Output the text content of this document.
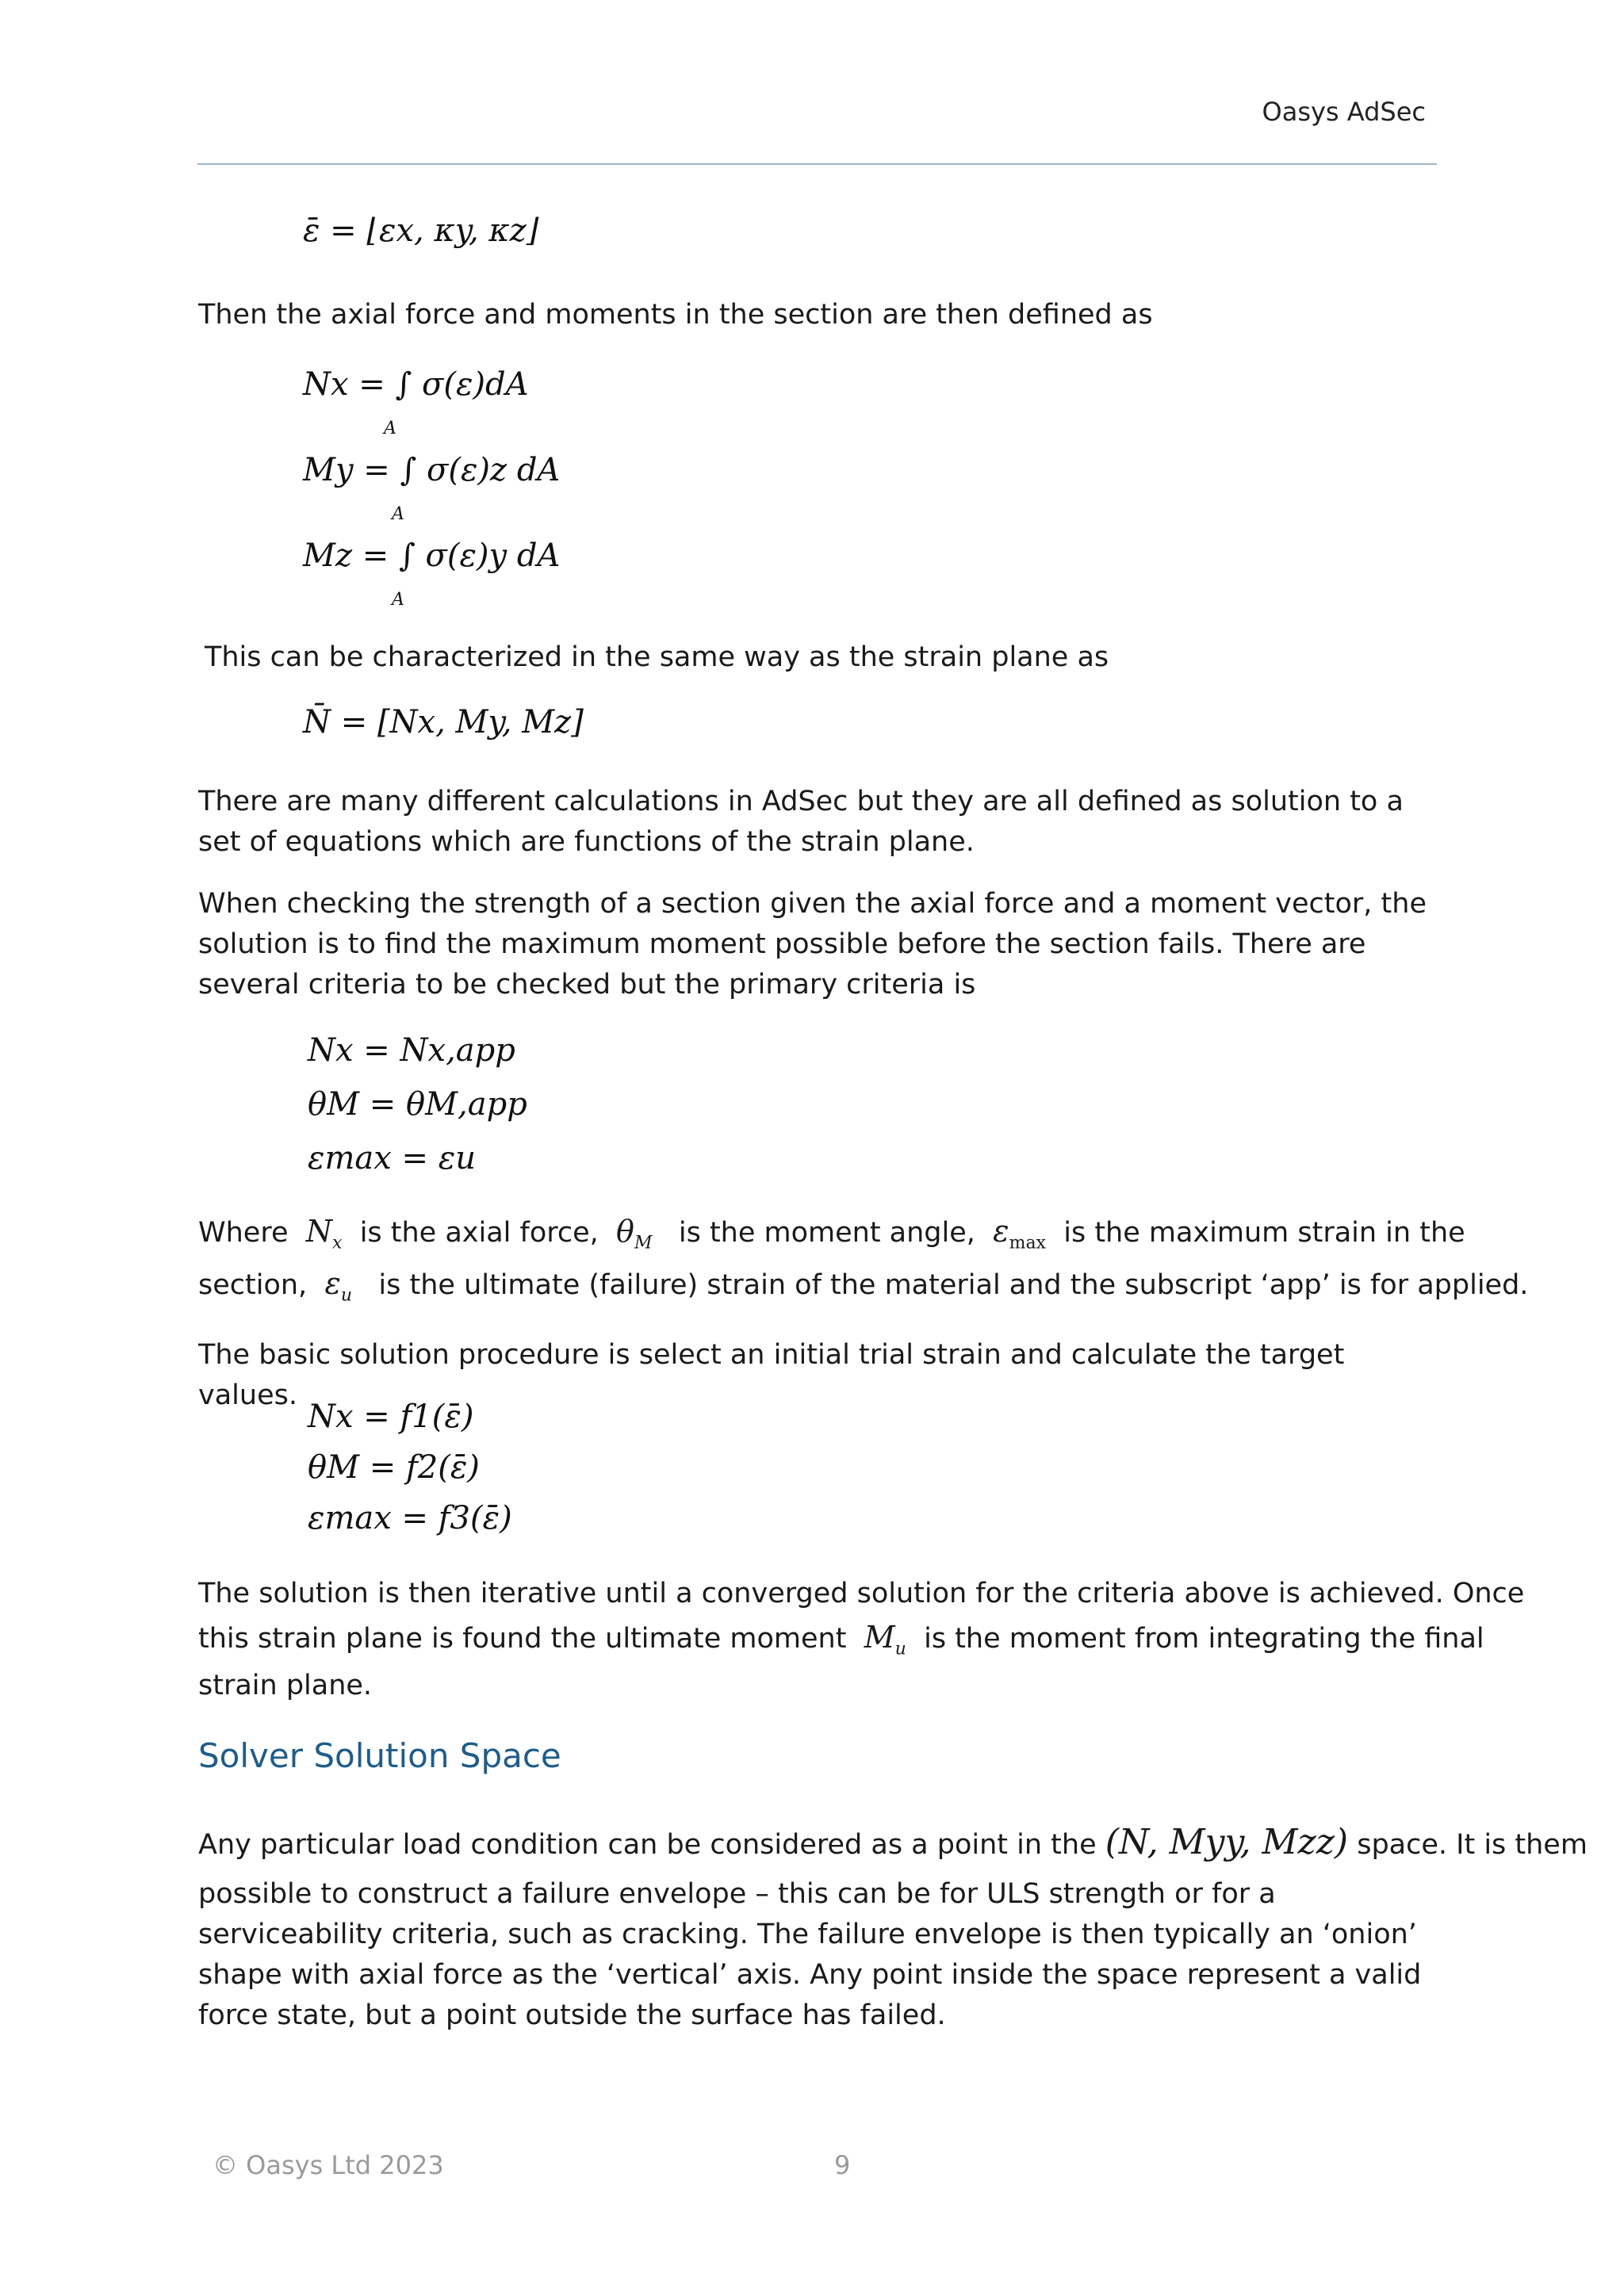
Oasys AdSec
ε̄ = ⌊εx, κy, κz⌋
Then the axial force and moments in the section are then defined as
Nx = ∫ σ(ε)dA
A
My = ∫ σ(ε)z dA
A
Mz = ∫ σ(ε)y dA
A
This can be characterized in the same way as the strain plane as
N̄ = [Nx, My, Mz]
There are many different calculations in AdSec but they are all defined as solution to a set of equations which are functions of the strain plane.
When checking the strength of a section given the axial force and a moment vector, the solution is to find the maximum moment possible before the section fails. There are several criteria to be checked but the primary criteria is
Nx = Nx,app
θM = θM,app
εmax = εu
Where $N_x$ is the axial force, $\theta_M$ is the moment angle, $\varepsilon_{max}$ is the maximum strain in the
section, $\varepsilon_u$ is the ultimate (failure) strain of the material and the subscript ‘app’ is for applied.
The basic solution procedure is select an initial trial strain and calculate the target values.
Nx = f1(ε̄)
θM = f2(ε̄)
εmax = f3(ε̄)
The solution is then iterative until a converged solution for the criteria above is achieved. Once
this strain plane is found the ultimate moment $M_u$ is the moment from integrating the final
strain plane.
Solver Solution Space
Any particular load condition can be considered as a point in the (N, Myy, Mzz) space. It is them
possible to construct a failure envelope – this can be for ULS strength or for a serviceability criteria, such as cracking. The failure envelope is then typically an ‘onion’ shape with axial force as the ‘vertical’ axis. Any point inside the space represent a valid force state, but a point outside the surface has failed.
© Oasys Ltd 2023	9
